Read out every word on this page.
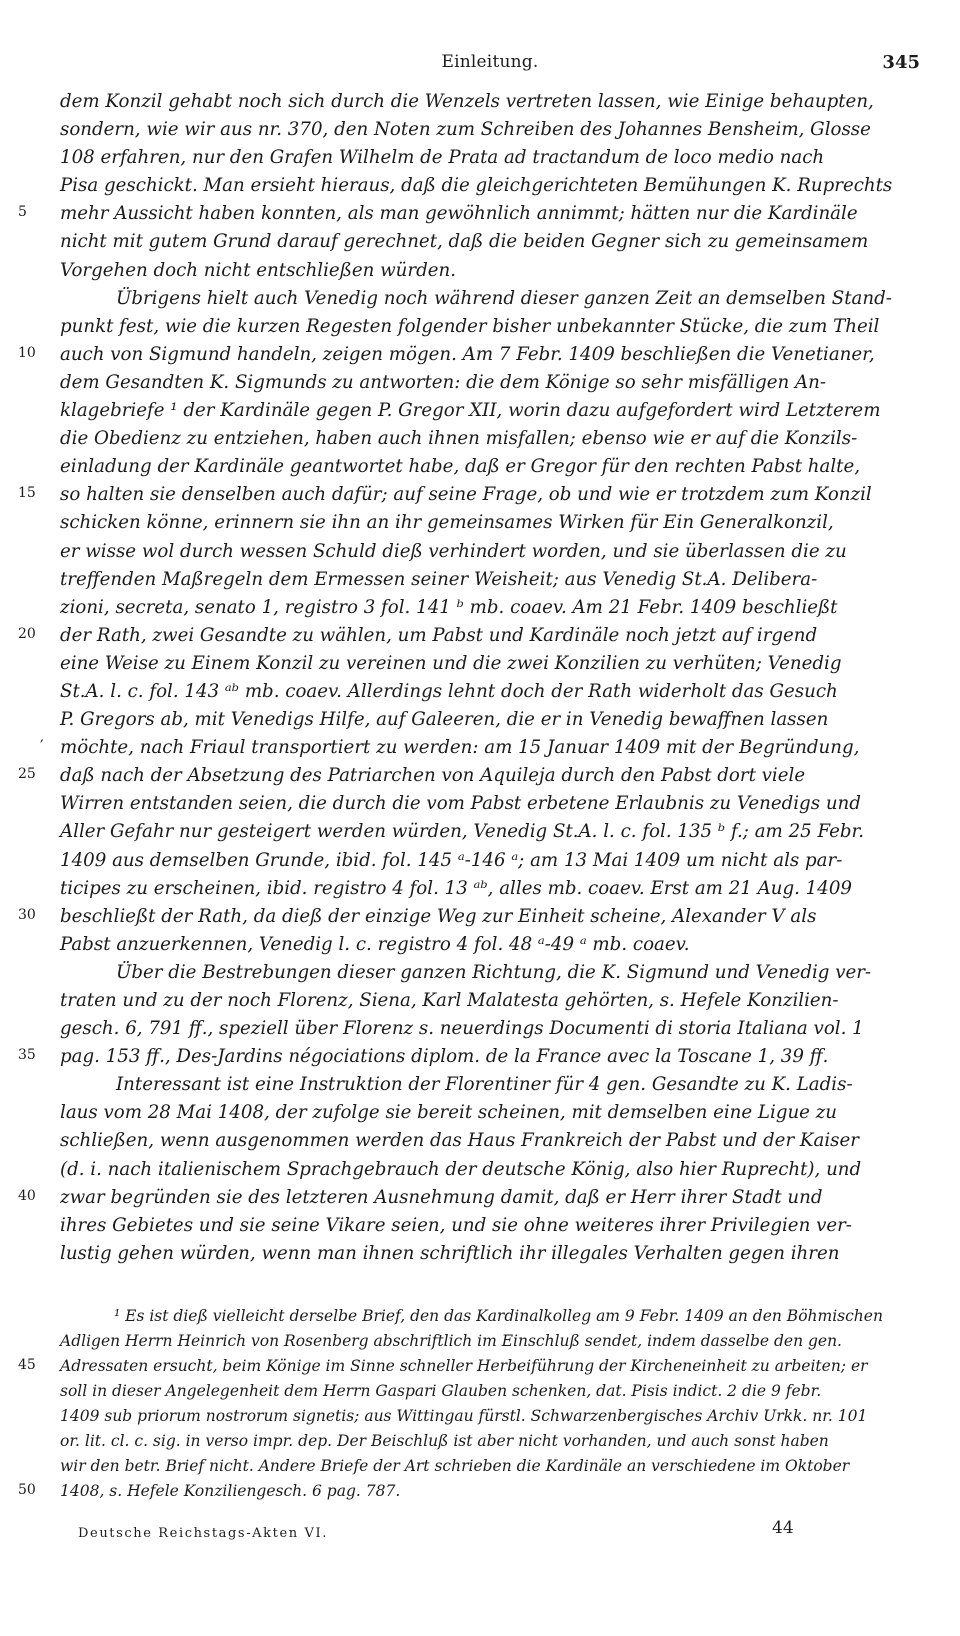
Einleitung.	345
dem Konzil gehabt noch sich durch die Wenzels vertreten lassen, wie Einige behaupten,
sondern, wie wir aus nr. 370, den Noten zum Schreiben des Johannes Bensheim, Glosse
108 erfahren, nur den Grafen Wilhelm de Prata ad tractandum de loco medio nach
Pisa geschickt. Man ersieht hieraus, daß die gleichgerichteten Bemühungen K. Ruprechts
5	mehr Aussicht haben konnten, als man gewöhnlich annimmt; hätten nur die Kardinäle
nicht mit gutem Grund darauf gerechnet, daß die beiden Gegner sich zu gemeinsamem
Vorgehen doch nicht entschließen würden.
Übrigens hielt auch Venedig noch während dieser ganzen Zeit an demselben Stand-
punkt fest, wie die kurzen Regesten folgender bisher unbekannter Stücke, die zum Theil
10	auch von Sigmund handeln, zeigen mögen. Am 7 Febr. 1409 beschließen die Venetianer,
dem Gesandten K. Sigmunds zu antworten: die dem Könige so sehr misfälligen An-
klagebriefe ¹ der Kardinäle gegen P. Gregor XII, worin dazu aufgefordert wird Letzterem
die Obedienz zu entziehen, haben auch ihnen misfallen; ebenso wie er auf die Konzils-
einladung der Kardinäle geantwortet habe, daß er Gregor für den rechten Pabst halte,
15	so halten sie denselben auch dafür; auf seine Frage, ob und wie er trotzdem zum Konzil
schicken könne, erinnern sie ihn an ihr gemeinsames Wirken für Ein Generalkonzil,
er wisse wol durch wessen Schuld dieß verhindert worden, und sie überlassen die zu
treffenden Maßregeln dem Ermessen seiner Weisheit; aus Venedig St.A. Delibera-
zioni, secreta, senato 1, registro 3 fol. 141 ᵇ mb. coaev. Am 21 Febr. 1409 beschließt
20	der Rath, zwei Gesandte zu wählen, um Pabst und Kardinäle noch jetzt auf irgend
eine Weise zu Einem Konzil zu vereinen und die zwei Konzilien zu verhüten; Venedig
St.A. l. c. fol. 143 ᵃᵇ mb. coaev. Allerdings lehnt doch der Rath widerholt das Gesuch
P. Gregors ab, mit Venedigs Hilfe, auf Galeeren, die er in Venedig bewaffnen lassen
′ möchte, nach Friaul transportiert zu werden: am 15 Januar 1409 mit der Begründung,
25	daß nach der Absetzung des Patriarchen von Aquileja durch den Pabst dort viele
Wirren entstanden seien, die durch die vom Pabst erbetene Erlaubnis zu Venedigs und
Aller Gefahr nur gesteigert werden würden, Venedig St.A. l. c. fol. 135 ᵇ f.; am 25 Febr.
1409 aus demselben Grunde, ibid. fol. 145 ᵃ-146 ᵃ; am 13 Mai 1409 um nicht als par-
ticipes zu erscheinen, ibid. registro 4 fol. 13 ᵃᵇ, alles mb. coaev. Erst am 21 Aug. 1409
30	beschließt der Rath, da dieß der einzige Weg zur Einheit scheine, Alexander V als
Pabst anzuerkennen, Venedig l. c. registro 4 fol. 48 ᵃ-49 ᵃ mb. coaev.
Über die Bestrebungen dieser ganzen Richtung, die K. Sigmund und Venedig ver-
traten und zu der noch Florenz, Siena, Karl Malatesta gehörten, s. Hefele Konzilien-
gesch. 6, 791 ff., speziell über Florenz s. neuerdings Documenti di storia Italiana vol. 1
35	pag. 153 ff., Des-Jardins négociations diplom. de la France avec la Toscane 1, 39 ff.
Interessant ist eine Instruktion der Florentiner für 4 gen. Gesandte zu K. Ladis-
laus vom 28 Mai 1408, der zufolge sie bereit scheinen, mit demselben eine Ligue zu
schließen, wenn ausgenommen werden das Haus Frankreich der Pabst und der Kaiser
(d. i. nach italienischem Sprachgebrauch der deutsche König, also hier Ruprecht), und
40	zwar begründen sie des letzteren Ausnehmung damit, daß er Herr ihrer Stadt und
ihres Gebietes und sie seine Vikare seien, und sie ohne weiteres ihrer Privilegien ver-
lustig gehen würden, wenn man ihnen schriftlich ihr illegales Verhalten gegen ihren
¹ Es ist dieß vielleicht derselbe Brief, den das Kardinalkolleg am 9 Febr. 1409 an den Böhmischen
Adligen Herrn Heinrich von Rosenberg abschriftlich im Einschluß sendet, indem dasselbe den gen.
45 Adressaten ersucht, beim Könige im Sinne schneller Herbeiführung der Kircheneinheit zu arbeiten; er
soll in dieser Angelegenheit dem Herrn Gaspari Glauben schenken, dat. Pisis indict. 2 die 9 febr.
1409 sub priorum nostrorum signetis; aus Wittingau fürstl. Schwarzenbergisches Archiv Urkk. nr. 101
or. lit. cl. c. sig. in verso impr. dep. Der Beischluß ist aber nicht vorhanden, und auch sonst haben
wir den betr. Brief nicht. Andere Briefe der Art schrieben die Kardinäle an verschiedene im Oktober
50 1408, s. Hefele Konziliengesch. 6 pag. 787.
Deutsche Reichstags-Akten VI.	44
